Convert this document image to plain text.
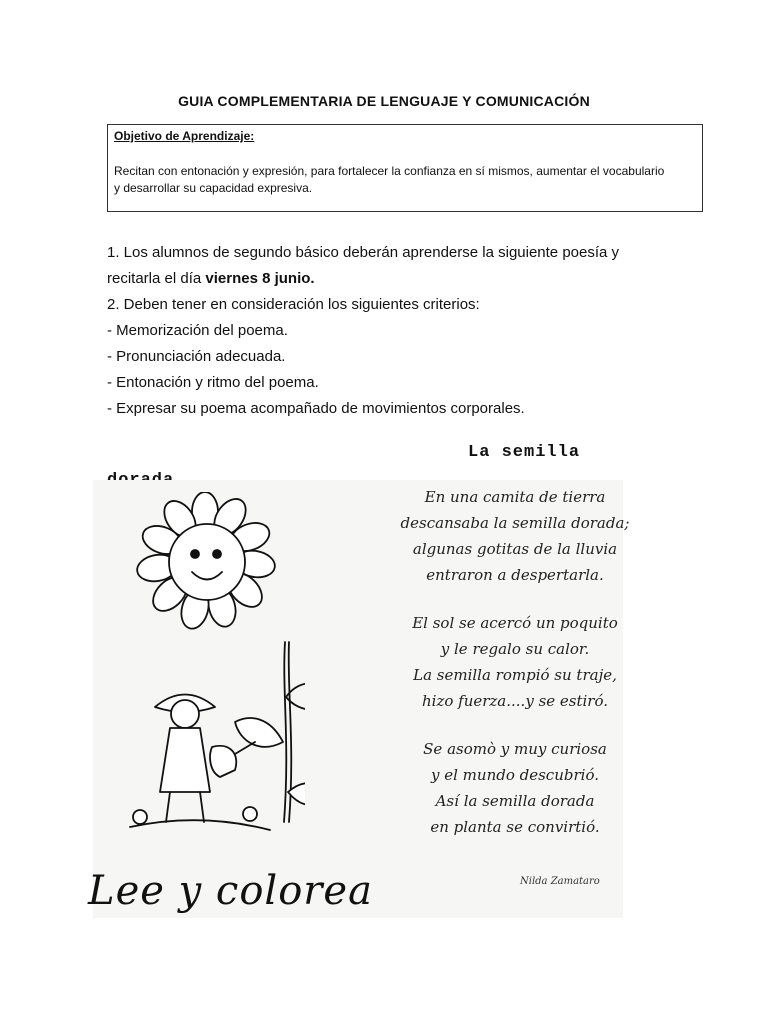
GUIA COMPLEMENTARIA DE LENGUAJE Y COMUNICACIÓN
Objetivo de Aprendizaje:
Recitan con entonación y expresión, para fortalecer la confianza en sí mismos, aumentar el vocabulario
y desarrollar su capacidad expresiva.
1. Los alumnos de segundo básico deberán aprenderse la siguiente poesía y
recitarla el día viernes 8 junio.
2. Deben tener en consideración los siguientes criterios:
- Memorización del poema.
- Pronunciación adecuada.
- Entonación y ritmo del poema.
- Expresar su poema acompañado de movimientos corporales.
La semilla
En una camita de tierra
descansaba la semilla dorada;
algunas gotitas de la lluvia
entraron a despertarla.
El sol se acercó un poquito
y le regalo su calor.
La semilla rompió su traje,
hizo fuerza....y se estiró.
Se asomò y muy curiosa
y el mundo descubrió.
Así la semilla dorada
en planta se convirtió.
Nilda Zamataro
Lee y colorea
